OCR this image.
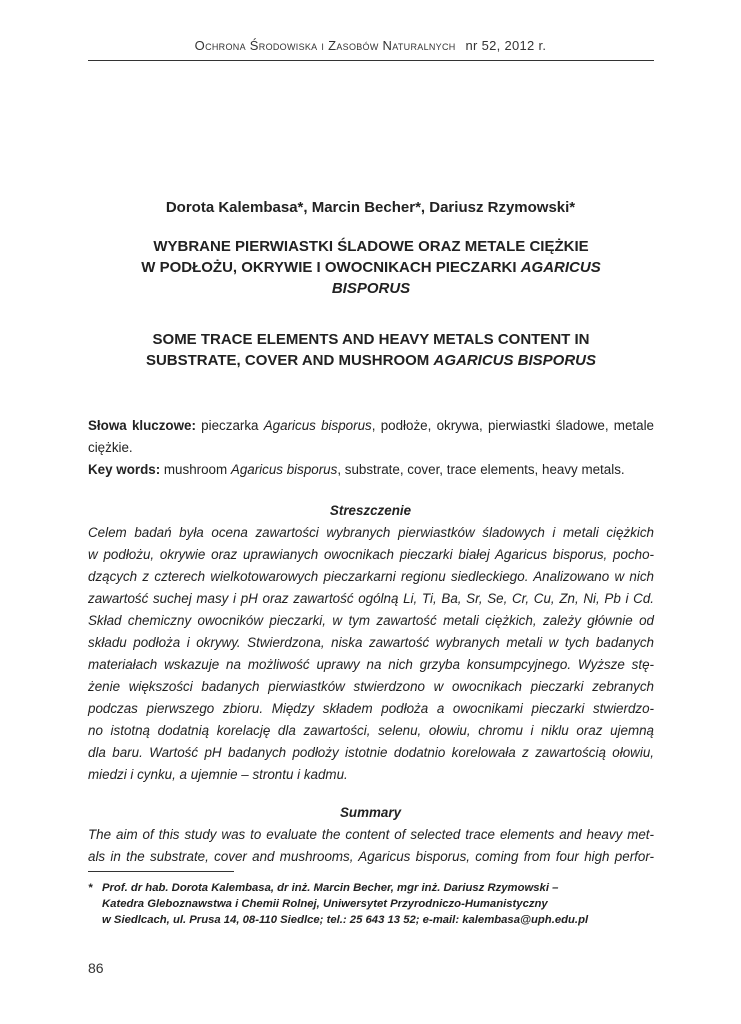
Ochrona Środowiska i Zasobów Naturalnych nr 52, 2012 r.
Dorota Kalembasa*, Marcin Becher*, Dariusz Rzymowski*
WYBRANE PIERWIASTKI ŚLADOWE ORAZ METALE CIĘŻKIE
W PODŁOŻU, OKRYWIE I OWOCNIKACH PIECZARKI AGARICUS
BISPORUS
SOME TRACE ELEMENTS AND HEAVY METALS CONTENT IN
SUBSTRATE, COVER AND MUSHROOM AGARICUS BISPORUS
Słowa kluczowe: pieczarka Agaricus bisporus, podłoże, okrywa, pierwiastki śladowe, metale ciężkie.
Key words: mushroom Agaricus bisporus, substrate, cover, trace elements, heavy metals.
Streszczenie
Celem badań była ocena zawartości wybranych pierwiastków śladowych i metali ciężkich
w podłożu, okrywie oraz uprawianych owocnikach pieczarki białej Agaricus bisporus, pocho-
dzących z czterech wielkotowarowych pieczarkarni regionu siedleckiego. Analizowano w nich
zawartość suchej masy i pH oraz zawartość ogólną Li, Ti, Ba, Sr, Se, Cr, Cu, Zn, Ni, Pb i Cd.
Skład chemiczny owocników pieczarki, w tym zawartość metali ciężkich, zależy głównie od
składu podłoża i okrywy. Stwierdzona, niska zawartość wybranych metali w tych badanych
materiałach wskazuje na możliwość uprawy na nich grzyba konsumpcyjnego. Wyższe stę-
żenie większości badanych pierwiastków stwierdzono w owocnikach pieczarki zebranych
podczas pierwszego zbioru. Między składem podłoża a owocnikami pieczarki stwierdzo-
no istotną dodatnią korelację dla zawartości, selenu, ołowiu, chromu i niklu oraz ujemną
dla baru. Wartość pH badanych podłoży istotnie dodatnio korelowała z zawartością ołowiu,
miedzi i cynku, a ujemnie – strontu i kadmu.
Summary
The aim of this study was to evaluate the content of selected trace elements and heavy met-
als in the substrate, cover and mushrooms, Agaricus bisporus, coming from four high perfor-
* Prof. dr hab. Dorota Kalembasa, dr inż. Marcin Becher, mgr inż. Dariusz Rzymowski –
Katedra Gleboznawstwa i Chemii Rolnej, Uniwersytet Przyrodniczo-Humanistyczny
w Siedlcach, ul. Prusa 14, 08-110 Siedlce; tel.: 25 643 13 52; e-mail: kalembasa@uph.edu.pl
86
